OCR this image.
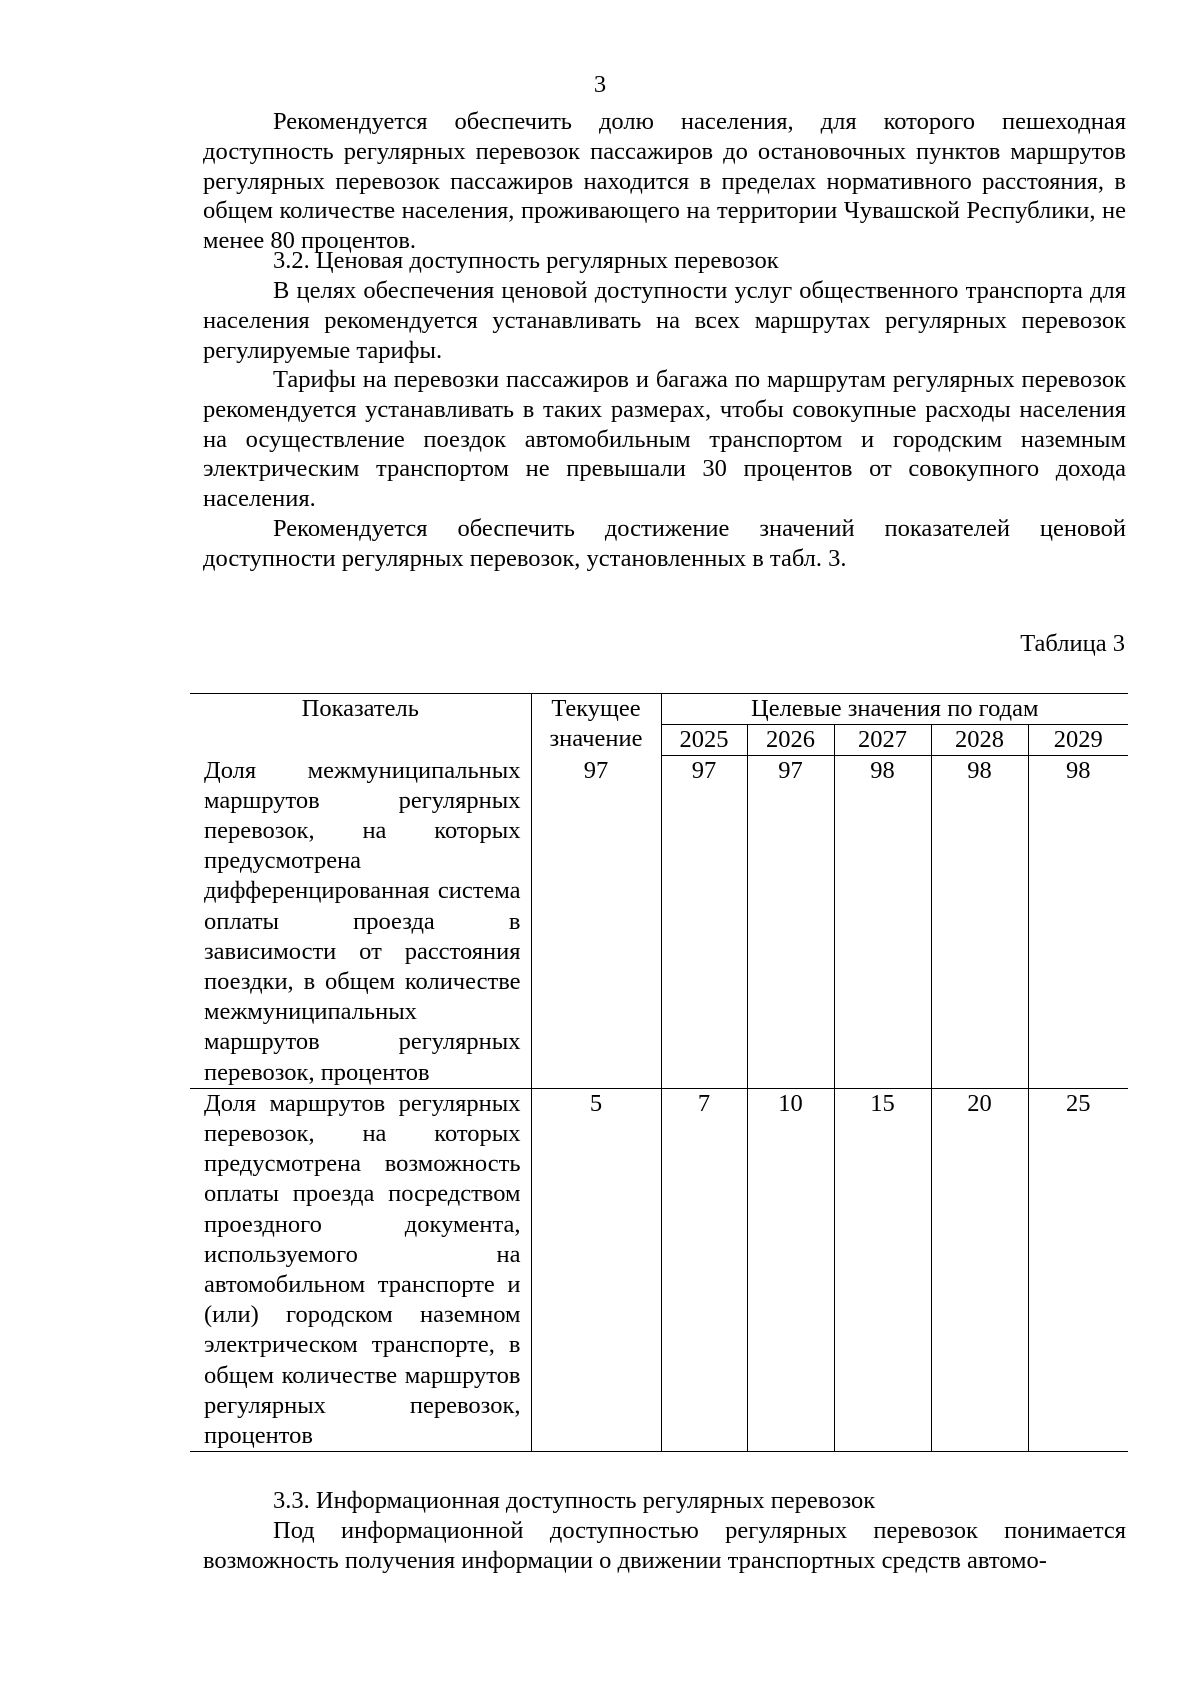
3

Рекомендуется обеспечить долю населения, для которого пешеходная доступность регулярных перевозок пассажиров до остановочных пунктов маршрутов регулярных перевозок пассажиров находится в пределах нормативного расстояния, в общем количестве населения, проживающего на территории Чувашской Республики, не менее 80 процентов.

3.2. Ценовая доступность регулярных перевозок

В целях обеспечения ценовой доступности услуг общественного транспорта для населения рекомендуется устанавливать на всех маршрутах регулярных перевозок регулируемые тарифы.

Тарифы на перевозки пассажиров и багажа по маршрутам регулярных перевозок рекомендуется устанавливать в таких размерах, чтобы совокупные расходы населения на осуществление поездок автомобильным транспортом и городским наземным электрическим транспортом не превышали 30 процентов от совокупного дохода населения.

Рекомендуется обеспечить достижение значений показателей ценовой доступности регулярных перевозок, установленных в табл. 3.

Таблица 3
Показатель	Текущее значение	Целевые значения по годам				
		2025	2026	2027	2028	2029
Доля межмуниципальных маршрутов регулярных перевозок, на которых предусмотрена дифференцированная система оплаты проезда в зависимости от расстояния поездки, в общем количестве межмуниципальных маршрутов регулярных перевозок, процентов	97	97	97	98	98	98
Доля маршрутов регулярных перевозок, на которых предусмотрена возможность оплаты проезда посредством проездного документа, используемого на автомобильном транспорте и (или) городском наземном электрическом транспорте, в общем количестве маршрутов регулярных перевозок, процентов	5	7	10	15	20	25

3.3. Информационная доступность регулярных перевозок

Под информационной доступностью регулярных перевозок понимается возможность получения информации о движении транспортных средств автомо-
